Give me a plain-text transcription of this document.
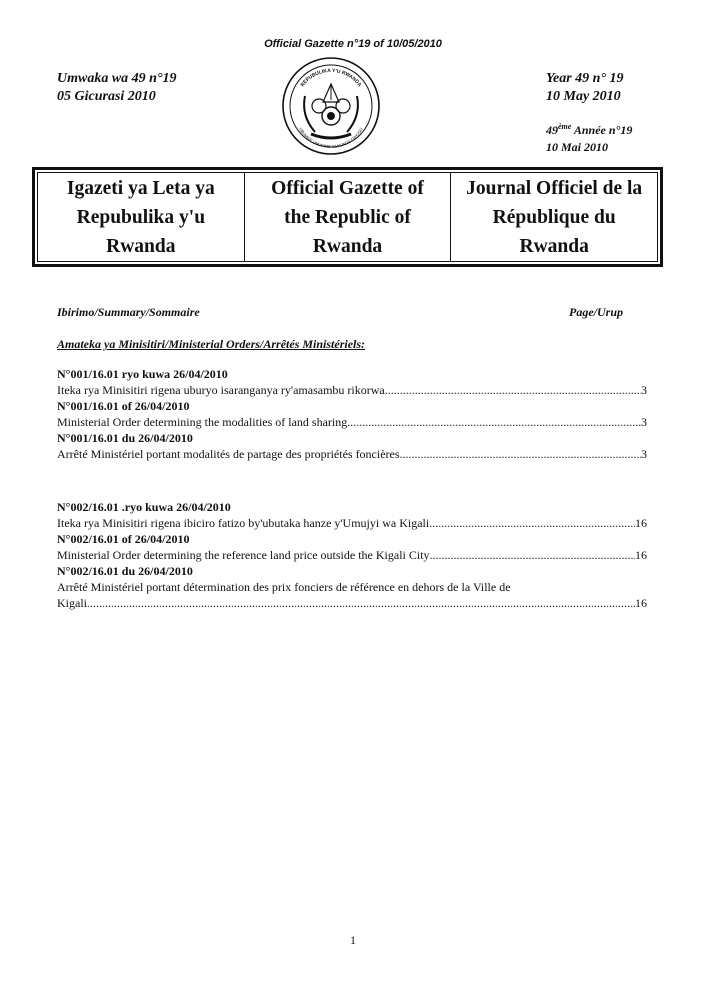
Official Gazette n°19 of 10/05/2010
Umwaka wa 49 n°19
05 Gicurasi 2010
Year 49 n° 19
10 May 2010
49ème Année n°19
10 Mai 2010
REPUBULIKA Y'U RWANDA
UBUMWE UMURIMO GUKUNDA IGIHUGU
Igazeti ya Leta ya
Repubulika y'u
Rwanda
Official Gazette of
the Republic of
Rwanda
Journal Officiel de la
République du
Rwanda
Ibirimo/Summary/Sommaire	Page/Urup
Amateka ya Minisitiri/Ministerial Orders/Arrêtés Ministériels:
N°001/16.01 ryo kuwa 26/04/2010
Iteka rya Minisitiri rigena uburyo isaranganya ry'amasambu rikorwa .....	3
N°001/16.01 of 26/04/2010
Ministerial Order determining the modalities of land sharing .....	3
N°001/16.01 du 26/04/2010
Arrêté Ministériel portant modalités de partage des propriétés foncières .....	3
N°002/16.01 .ryo kuwa 26/04/2010
Iteka rya Minisitiri rigena ibiciro fatizo by'ubutaka hanze y'Umujyi wa Kigali .....	16
N°002/16.01 of 26/04/2010
Ministerial Order determining the reference land price outside the Kigali City .....	16
N°002/16.01 du 26/04/2010
Arrêté Ministériel portant détermination des prix fonciers de référence en dehors de la Ville de
Kigali .....	16
1
